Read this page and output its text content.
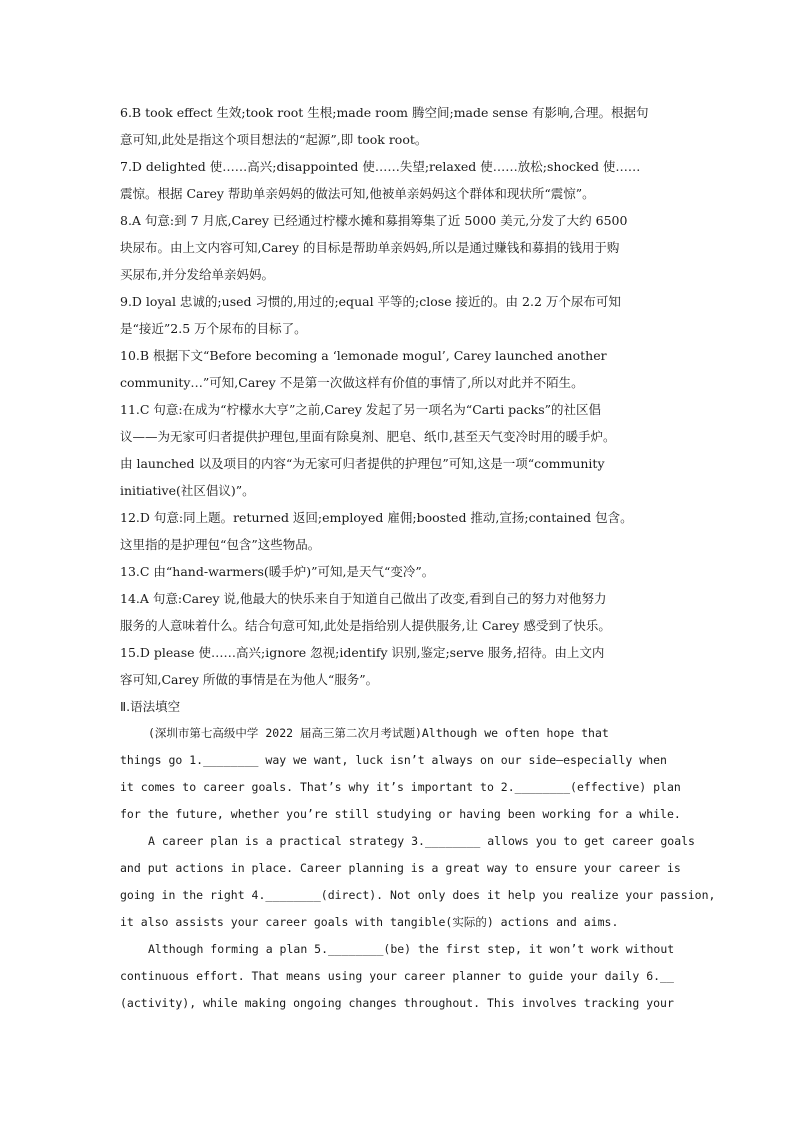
6.B took effect 生效;took root 生根;made room 腾空间;made sense 有影响,合理。根据句
意可知,此处是指这个项目想法的“起源”,即 took root。
7.D delighted 使……高兴;disappointed 使……失望;relaxed 使……放松;shocked 使……
震惊。根据 Carey 帮助单亲妈妈的做法可知,他被单亲妈妈这个群体和现状所“震惊”。
8.A 句意:到 7 月底,Carey 已经通过柠檬水摊和募捐筹集了近 5000 美元,分发了大约 6500
块尿布。由上文内容可知,Carey 的目标是帮助单亲妈妈,所以是通过赚钱和募捐的钱用于购
买尿布,并分发给单亲妈妈。
9.D loyal 忠诚的;used 习惯的,用过的;equal 平等的;close 接近的。由 2.2 万个尿布可知
是“接近”2.5 万个尿布的目标了。
10.B 根据下文“Before becoming a ‘lemonade mogul’, Carey launched another
community…”可知,Carey 不是第一次做这样有价值的事情了,所以对此并不陌生。
11.C 句意:在成为“柠檬水大亨”之前,Carey 发起了另一项名为“Carti packs”的社区倡
议——为无家可归者提供护理包,里面有除臭剂、肥皂、纸巾,甚至天气变冷时用的暖手炉。
由 launched 以及项目的内容“为无家可归者提供的护理包”可知,这是一项“community
initiative(社区倡议)”。
12.D 句意:同上题。returned 返回;employed 雇佣;boosted 推动,宣扬;contained 包含。
这里指的是护理包“包含”这些物品。
13.C 由“hand-warmers(暖手炉)”可知,是天气“变冷”。
14.A 句意:Carey 说,他最大的快乐来自于知道自己做出了改变,看到自己的努力对他努力
服务的人意味着什么。结合句意可知,此处是指给别人提供服务,让 Carey 感受到了快乐。
15.D please 使……高兴;ignore 忽视;identify 识别,鉴定;serve 服务,招待。由上文内
容可知,Carey 所做的事情是在为他人“服务”。
Ⅱ.语法填空
(深圳市第七高级中学 2022 届高三第二次月考试题)Although we often hope that
things go 1.________ way we want, luck isn’t always on our side—especially when
it comes to career goals. That’s why it’s important to 2.________(effective) plan
for the future, whether you’re still studying or having been working for a while.
A career plan is a practical strategy 3.________ allows you to get career goals
and put actions in place. Career planning is a great way to ensure your career is
going in the right 4.________(direct). Not only does it help you realize your passion,
it also assists your career goals with tangible(实际的) actions and aims.
Although forming a plan 5.________(be) the first step, it won’t work without
continuous effort. That means using your career planner to guide your daily 6.__
(activity), while making ongoing changes throughout. This involves tracking your
